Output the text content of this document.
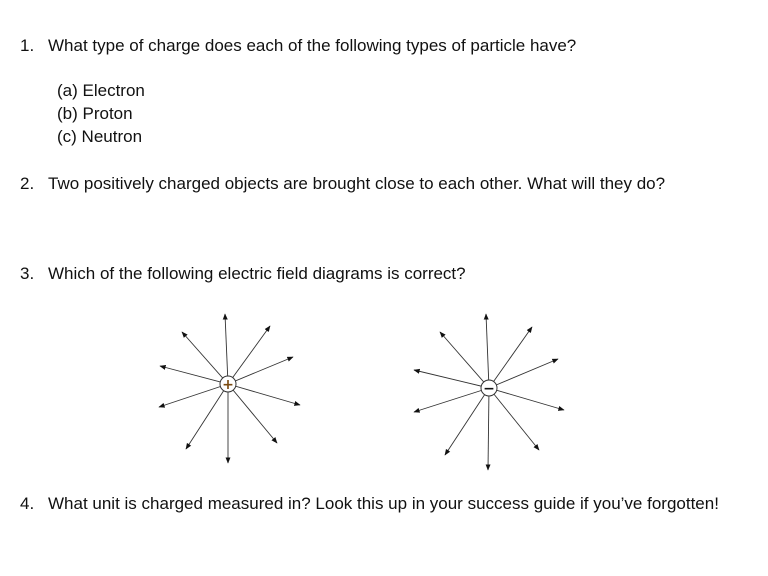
1. What type of charge does each of the following types of particle have?
(a) Electron
(b) Proton
(c) Neutron
2. Two positively charged objects are brought close to each other. What will they do?
3. Which of the following electric field diagrams is correct?
+	−
4. What unit is charged measured in? Look this up in your success guide if you’ve forgotten!
